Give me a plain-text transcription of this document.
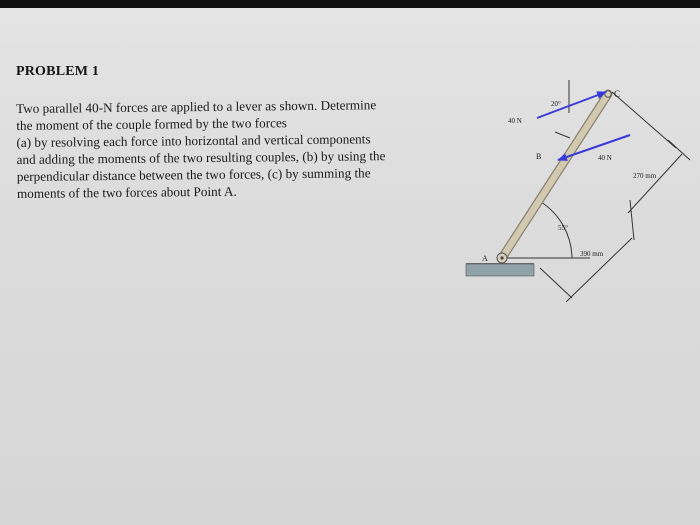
PROBLEM 1
Two parallel 40-N forces are applied to a lever as shown. Determine
the moment of the couple formed by the two forces
(a) by resolving each force into horizontal and vertical components
and adding the moments of the two resulting couples, (b) by using the
perpendicular distance between the two forces, (c) by summing the
moments of the two forces about Point A.
C
20°
40 N
B	40 N
270 mm
55°
390 mm
A
